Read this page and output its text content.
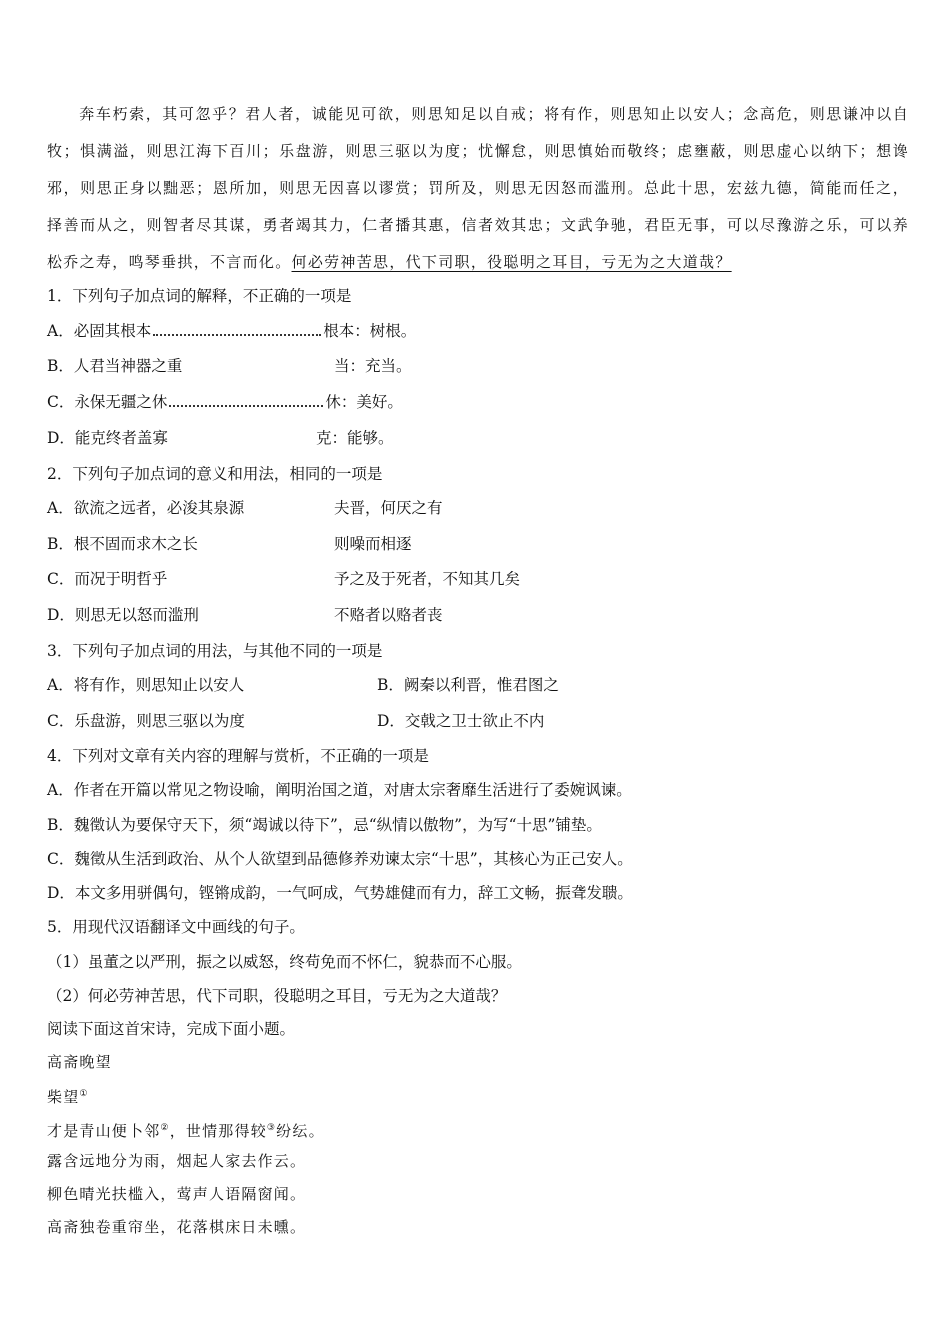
奔车朽索，其可忽乎？君人者，诚能见可欲，则思知足以自戒；将有作，则思知止以安人；念高危，则思谦冲以自牧；惧满溢，则思江海下百川；乐盘游，则思三驱以为度；忧懈怠，则思慎始而敬终；虑壅蔽，则思虚心以纳下；想谗邪，则思正身以黜恶；恩所加，则思无因喜以谬赏；罚所及，则思无因怒而滥刑。总此十思，宏兹九德，简能而任之，择善而从之，则智者尽其谋，勇者竭其力，仁者播其惠，信者效其忠；文武争驰，君臣无事，可以尽豫游之乐，可以养松乔之寿，鸣琴垂拱，不言而化。何必劳神苦思，代下司职，役聪明之耳目，亏无为之大道哉？
1．下列句子加点词的解释，不正确的一项是
A．必固其根本	根本：树根。
B．人君当神器之重	当：充当。
C．永保无疆之休	休：美好。
D．能克终者盖寡	克：能够。
2．下列句子加点词的意义和用法，相同的一项是
A．欲流之远者，必浚其泉源	夫晋，何厌之有
B．根不固而求木之长	则噪而相逐
C．而况于明哲乎	予之及于死者，不知其几矣
D．则思无以怒而滥刑	不赂者以赂者丧
3．下列句子加点词的用法，与其他不同的一项是
A．将有作，则思知止以安人	B．阙秦以利晋，惟君图之
C．乐盘游，则思三驱以为度	D．交戟之卫士欲止不内
4．下列对文章有关内容的理解与赏析，不正确的一项是
A．作者在开篇以常见之物设喻，阐明治国之道，对唐太宗奢靡生活进行了委婉讽谏。
B．魏徵认为要保守天下，须“竭诚以待下”，忌“纵情以傲物”，为写“十思”铺垫。
C．魏徵从生活到政治、从个人欲望到品德修养劝谏太宗“十思”，其核心为正己安人。
D．本文多用骈偶句，铿锵成韵，一气呵成，气势雄健而有力，辞工文畅，振聋发聩。
5．用现代汉语翻译文中画线的句子。
（1）虽董之以严刑，振之以威怒，终苟免而不怀仁，貌恭而不心服。
（2）何必劳神苦思，代下司职，役聪明之耳目，亏无为之大道哉？
阅读下面这首宋诗，完成下面小题。
高斋晚望
柴望①
才是青山便卜邻②，世情那得较③纷纭。
露含远地分为雨，烟起人家去作云。
柳色晴光扶槛入，莺声人语隔窗闻。
高斋独卷重帘坐，花落棋床日未曛。
